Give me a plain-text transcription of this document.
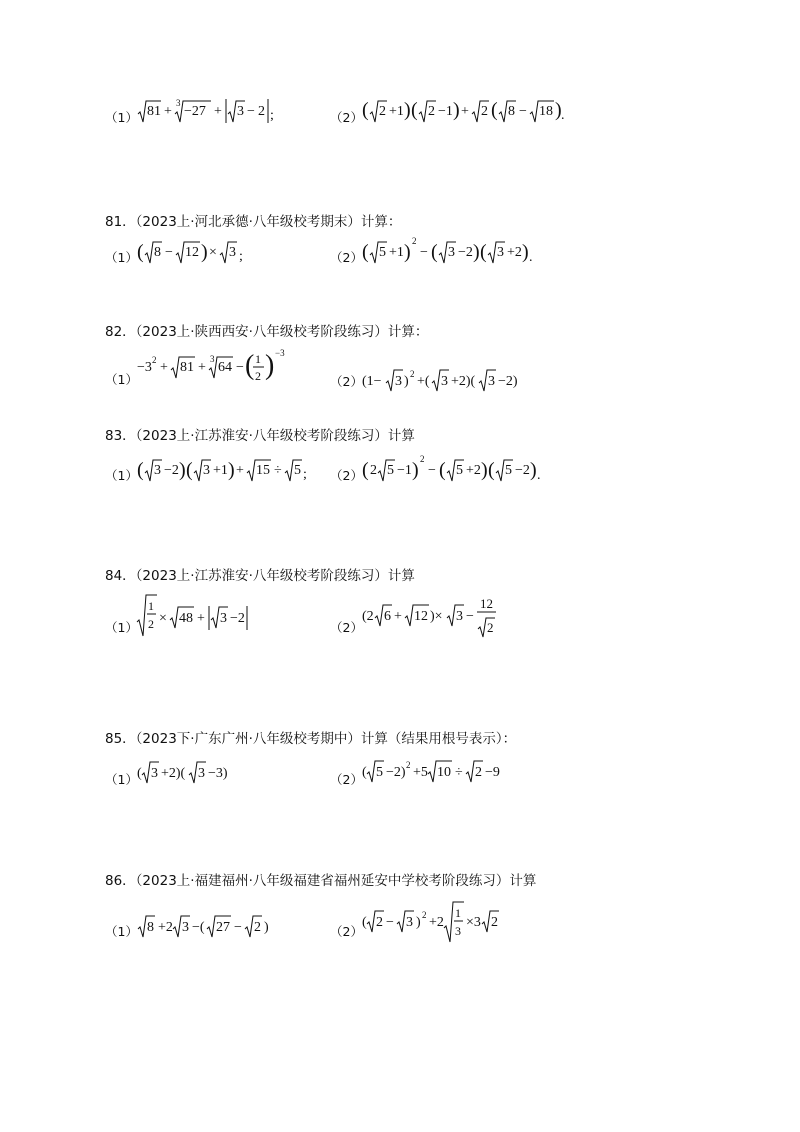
（1） 81 +
3
−27 + 3 − 2 ;	（2） ( 2 +1 ) ( 2 −1 ) + 2 ( 8 − 18 ) .
81．（2023上·河北承德·八年级校考期末）计算：
（1） ( 8 − 12 ) × 3 ;	（2） ( 5 +1 ) 2
− ( 3 −2 ) ( 3 +2 ) .
82．（2023上·陕西西安·八年级校考阶段练习）计算：
（1）
−3 2 + 81 +
3
64 − ( 1
2 ) −3
（2） (1− 3 ) 2 +( 3 +2)( 3 −2)
83．（2023上·江苏淮安·八年级校考阶段练习）计算
（1） ( 3 −2 ) ( 3 +1 ) + 15 ÷ 5 ; （2） ( 2 5 −1 ) 2
− ( 5 +2 ) ( 5 −2 ) .
84．（2023上·江苏淮安·八年级校考阶段练习）计算
（1）
1
2 × 48 + 3 −2
（2）
(2 6 + 12 )× 3 −
12
2
85．（2023下·广东广州·八年级校考期中）计算（结果用根号表示）：
（1） ( 3 +2)( 3 −3)	（2） ( 5 −2) 2 +5 10 ÷ 2 −9
86．（2023上·福建福州·八年级福建省福州延安中学校考阶段练习）计算
（1） 8 +2 3 −( 27 − 2 )	（2）
( 2 − 3 ) 2 +2
1
3
×3 2
